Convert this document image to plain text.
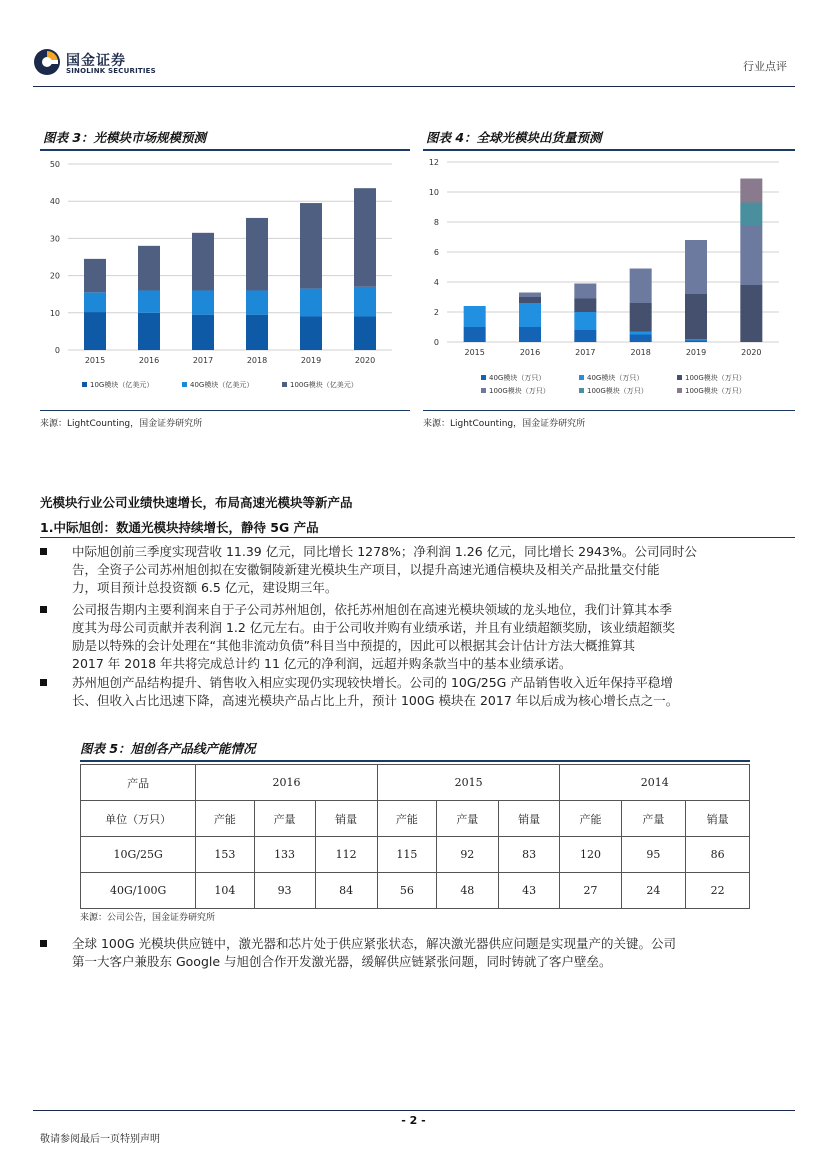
国金证券
SINOLINK SECURITIES	行业点评
图表 3：光模块市场规模预测
0
10
20
30
40
50
2015	2016	2017	2018	2019	2020
10G模块（亿美元）	40G模块（亿美元）	100G模块（亿美元）
来源：LightCounting，国金证券研究所
图表 4：全球光模块出货量预测
0
2
4
6
8
10
12
2015	2016	2017	2018	2019	2020
40G模块（万只）	40G模块（万只）	100G模块（万只）
100G模块（万只）	100G模块（万只）	100G模块（万只）
来源：LightCounting，国金证券研究所
光模块行业公司业绩快速增长，布局高速光模块等新产品
1.中际旭创：数通光模块持续增长，静待 5G 产品
中际旭创前三季度实现营收 11.39 亿元，同比增长 1278%；净利润 1.26 亿元，同比增长 2943%。公司同时公
告，全资子公司苏州旭创拟在安徽铜陵新建光模块生产项目，以提升高速光通信模块及相关产品批量交付能
力，项目预计总投资额 6.5 亿元，建设期三年。
公司报告期内主要利润来自于子公司苏州旭创，依托苏州旭创在高速光模块领域的龙头地位，我们计算其本季
度其为母公司贡献并表利润 1.2 亿元左右。由于公司收并购有业绩承诺，并且有业绩超额奖励，该业绩超额奖
励是以特殊的会计处理在“其他非流动负债”科目当中预提的，因此可以根据其会计估计方法大概推算其
2017 年 2018 年共将完成总计约 11 亿元的净利润，远超并购条款当中的基本业绩承诺。
苏州旭创产品结构提升、销售收入相应实现仍实现较快增长。公司的 10G/25G 产品销售收入近年保持平稳增
长、但收入占比迅速下降，高速光模块产品占比上升，预计 100G 模块在 2017 年以后成为核心增长点之一。
图表 5：旭创各产品线产能情况
产品	2016			2015			2014		
单位（万只）	产能	产量	销量	产能	产量	销量	产能	产量	销量
10G/25G	153	133	112	115	92	83	120	95	86
40G/100G	104	93	84	56	48	43	27	24	22
来源：公司公告，国金证券研究所
全球 100G 光模块供应链中，激光器和芯片处于供应紧张状态，解决激光器供应问题是实现量产的关键。公司
第一大客户兼股东 Google 与旭创合作开发激光器，缓解供应链紧张问题，同时铸就了客户壁垒。
- 2 -
敬请参阅最后一页特别声明
